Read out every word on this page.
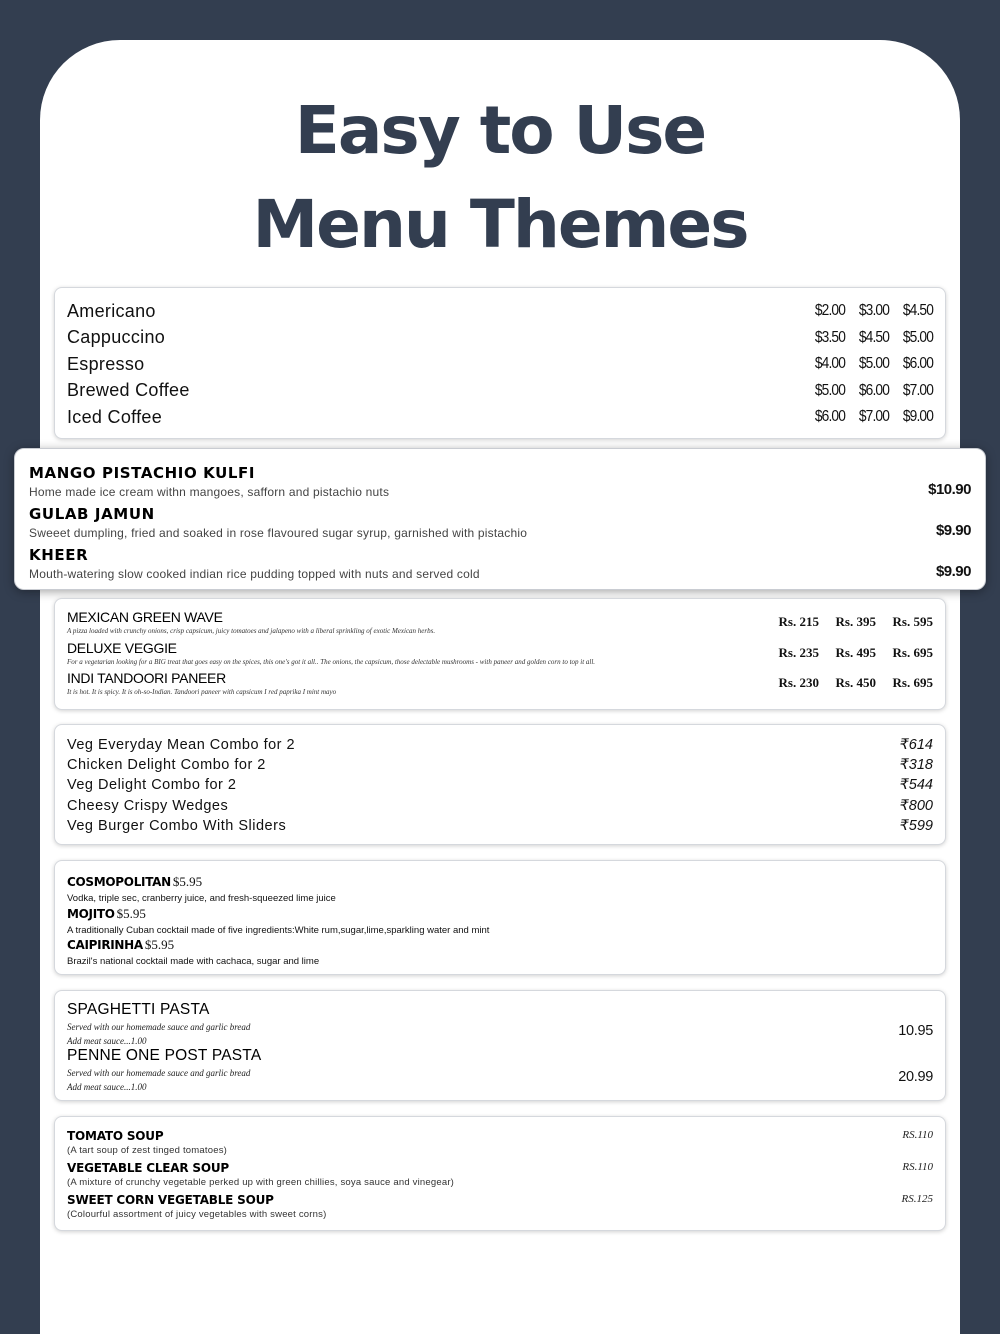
Easy to Use
Menu Themes
Americano	$2.00 $3.00 $4.50
Cappuccino	$3.50 $4.50 $5.00
Espresso	$4.00 $5.00 $6.00
Brewed Coffee	$5.00 $6.00 $7.00
Iced Coffee	$6.00 $7.00 $9.00
MANGO PISTACHIO KULFI
Home made ice cream withn mangoes, safforn and pistachio nuts	$10.90
GULAB JAMUN
Sweeet dumpling, fried and soaked in rose flavoured sugar syrup, garnished with pistachio	$9.90
KHEER
Mouth-watering slow cooked indian rice pudding topped with nuts and served cold	$9.90
MEXICAN GREEN WAVE
A pizza loaded with crunchy onions, crisp capsicum, juicy tomatoes and jalapeno with a liberal sprinkling of exotic Mexican herbs.
Rs. 215	Rs. 395	Rs. 595
DELUXE VEGGIE
For a vegetarian looking for a BIG treat that goes easy on the spices, this one's got it all.. The onions, the capsicum, those delectable mushrooms - with paneer and golden corn to top it all.
Rs. 235	Rs. 495	Rs. 695
INDI TANDOORI PANEER
It is hot. It is spicy. It is oh-so-Indian. Tandoori paneer with capsicum I red paprika I mint mayo
Rs. 230	Rs. 450	Rs. 695
Veg Everyday Mean Combo for 2	₹614
Chicken Delight Combo for 2	₹318
Veg Delight Combo for 2	₹544
Cheesy Crispy Wedges	₹800
Veg Burger Combo With Sliders	₹599
COSMOPOLITAN $5.95
Vodka, triple sec, cranberry juice, and fresh-squeezed lime juice
MOJITO $5.95
A traditionally Cuban cocktail made of five ingredients:White rum,sugar,lime,sparkling water and mint
CAIPIRINHA $5.95
Brazil's national cocktail made with cachaca, sugar and lime
SPAGHETTI PASTA
Served with our homemade sauce and garlic bread
Add meat sauce...1.00
10.95
PENNE ONE POST PASTA
Served with our homemade sauce and garlic bread
Add meat sauce...1.00
20.99
TOMATO SOUP
(A tart soup of zest tinged tomatoes)
RS.110
VEGETABLE CLEAR SOUP
(A mixture of crunchy vegetable perked up with green chillies, soya sauce and vinegear)
RS.110
SWEET CORN VEGETABLE SOUP
(Colourful assortment of juicy vegetables with sweet corns)
RS.125
